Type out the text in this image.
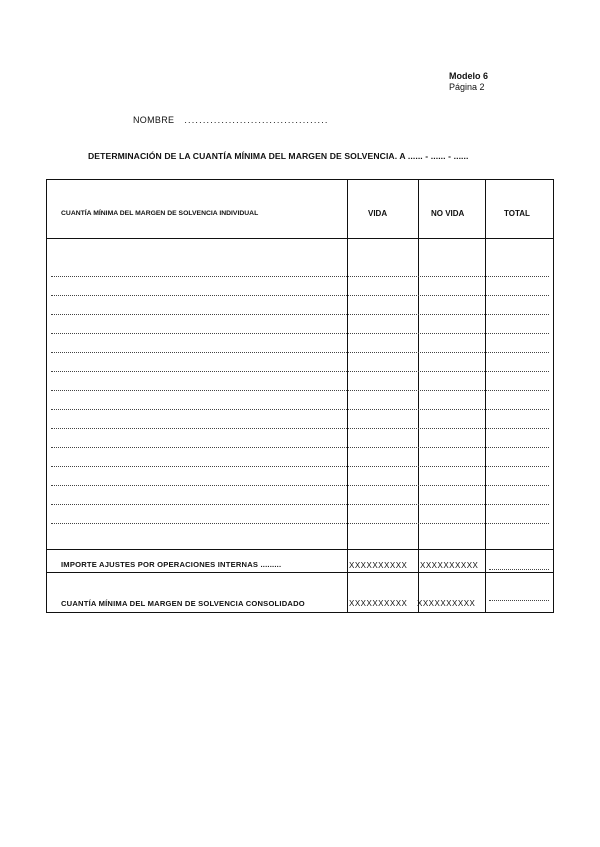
Modelo 6
Página 2
NOMBRE .......................................
DETERMINACIÓN DE LA CUANTÍA MÍNIMA DEL MARGEN DE SOLVENCIA. A ...... - ...... - ......
CUANTÍA MÍNIMA DEL MARGEN DE SOLVENCIA INDIVIDUAL	VIDA	NO VIDA	TOTAL
IMPORTE AJUSTES POR OPERACIONES INTERNAS .........	XXXXXXXXXX XXXXXXXXXX
CUANTÍA MÍNIMA DEL MARGEN DE SOLVENCIA CONSOLIDADO	XXXXXXXXXX XXXXXXXXXX
